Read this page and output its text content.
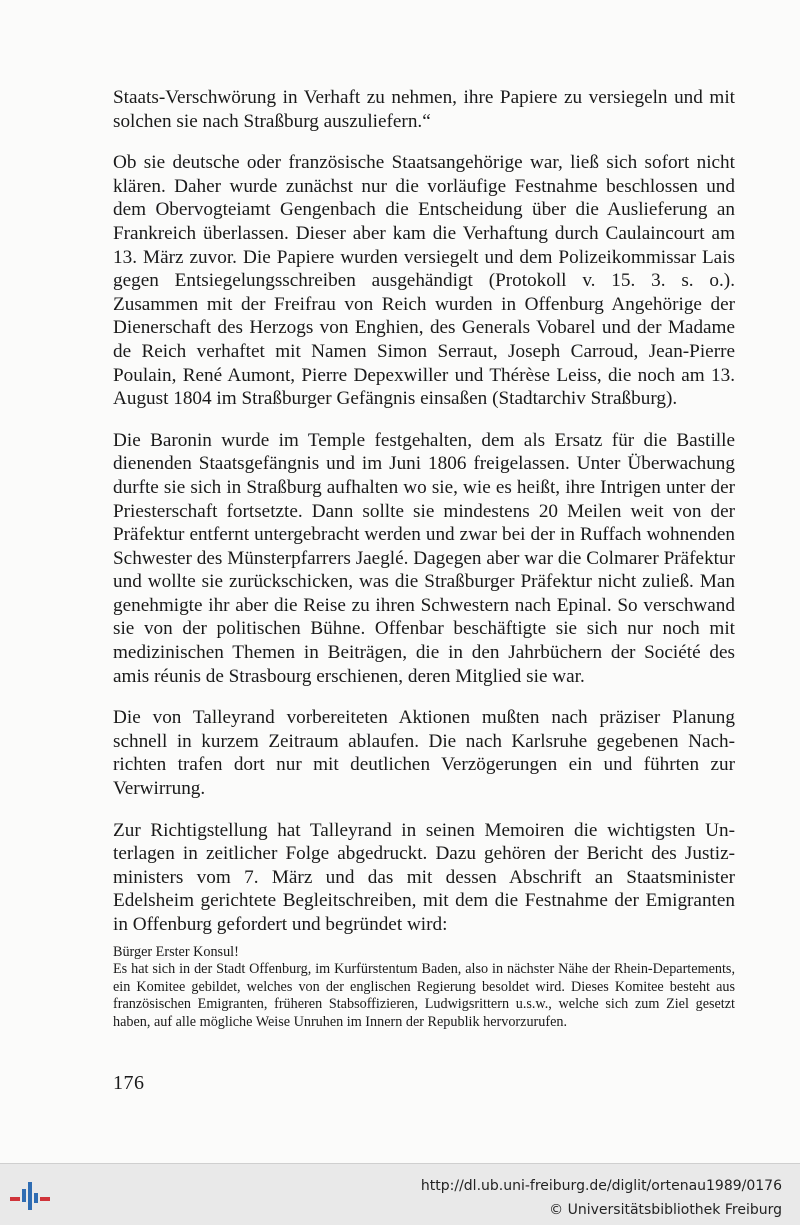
Staats-Verschwörung in Verhaft zu nehmen, ihre Papiere zu versiegeln und mit solchen sie nach Straßburg auszuliefern.“

Ob sie deutsche oder französische Staatsangehörige war, ließ sich sofort nicht klären. Daher wurde zunächst nur die vorläufige Festnahme beschlossen und dem Obervogteiamt Gengenbach die Entscheidung über die Auslieferung an Frankreich überlassen. Dieser aber kam die Verhaftung durch Caulaincourt am 13. März zuvor. Die Papiere wurden versiegelt und dem Polizeikommissar Lais gegen Entsiegelungsschreiben ausgehändigt (Protokoll v. 15. 3. s. o.). Zusammen mit der Freifrau von Reich wurden in Offenburg Angehörige der Dienerschaft des Herzogs von Enghien, des Generals Vobarel und der Madame de Reich verhaftet mit Namen Simon Serraut, Joseph Carroud, Jean-Pierre Poulain, René Aumont, Pierre Depexwiller und Thérèse Leiss, die noch am 13. August 1804 im Straßburger Gefängnis einsaßen (Stadtarchiv Straßburg).

Die Baronin wurde im Temple festgehalten, dem als Ersatz für die Bastille dienenden Staatsgefängnis und im Juni 1806 freigelassen. Unter Überwachung durfte sie sich in Straßburg aufhalten wo sie, wie es heißt, ihre Intrigen unter der Priesterschaft fortsetzte. Dann sollte sie mindestens 20 Meilen weit von der Präfektur entfernt untergebracht werden und zwar bei der in Ruffach wohnenden Schwester des Münsterpfarrers Jaeglé. Dagegen aber war die Colmarer Präfektur und wollte sie zurückschicken, was die Straßburger Präfektur nicht zuließ. Man genehmigte ihr aber die Reise zu ihren Schwestern nach Epinal. So verschwand sie von der politischen Bühne. Offenbar beschäftigte sie sich nur noch mit medizinischen Themen in Beiträgen, die in den Jahrbüchern der Société des amis réunis de Strasbourg erschienen, deren Mitglied sie war.

Die von Talleyrand vorbereiteten Aktionen mußten nach präziser Planung schnell in kurzem Zeitraum ablaufen. Die nach Karlsruhe gegebenen Nachrichten trafen dort nur mit deutlichen Verzögerungen ein und führten zur Verwirrung.

Zur Richtigstellung hat Talleyrand in seinen Memoiren die wichtigsten Unterlagen in zeitlicher Folge abgedruckt. Dazu gehören der Bericht des Justizministers vom 7. März und das mit dessen Abschrift an Staatsminister Edelsheim gerichtete Begleitschreiben, mit dem die Festnahme der Emigranten in Offenburg gefordert und begründet wird:

Bürger Erster Konsul!

Es hat sich in der Stadt Offenburg, im Kurfürstentum Baden, also in nächster Nähe der Rhein-Departements, ein Komitee gebildet, welches von der englischen Regierung besoldet wird. Dieses Komitee besteht aus französischen Emigranten, früheren Stabsoffizieren, Ludwigsrittern u.s.w., welche sich zum Ziel gesetzt haben, auf alle mögliche Weise Unruhen im Innern der Republik hervorzurufen.

176
http://dl.ub.uni-freiburg.de/diglit/ortenau1989/0176
© Universitätsbibliothek Freiburg
